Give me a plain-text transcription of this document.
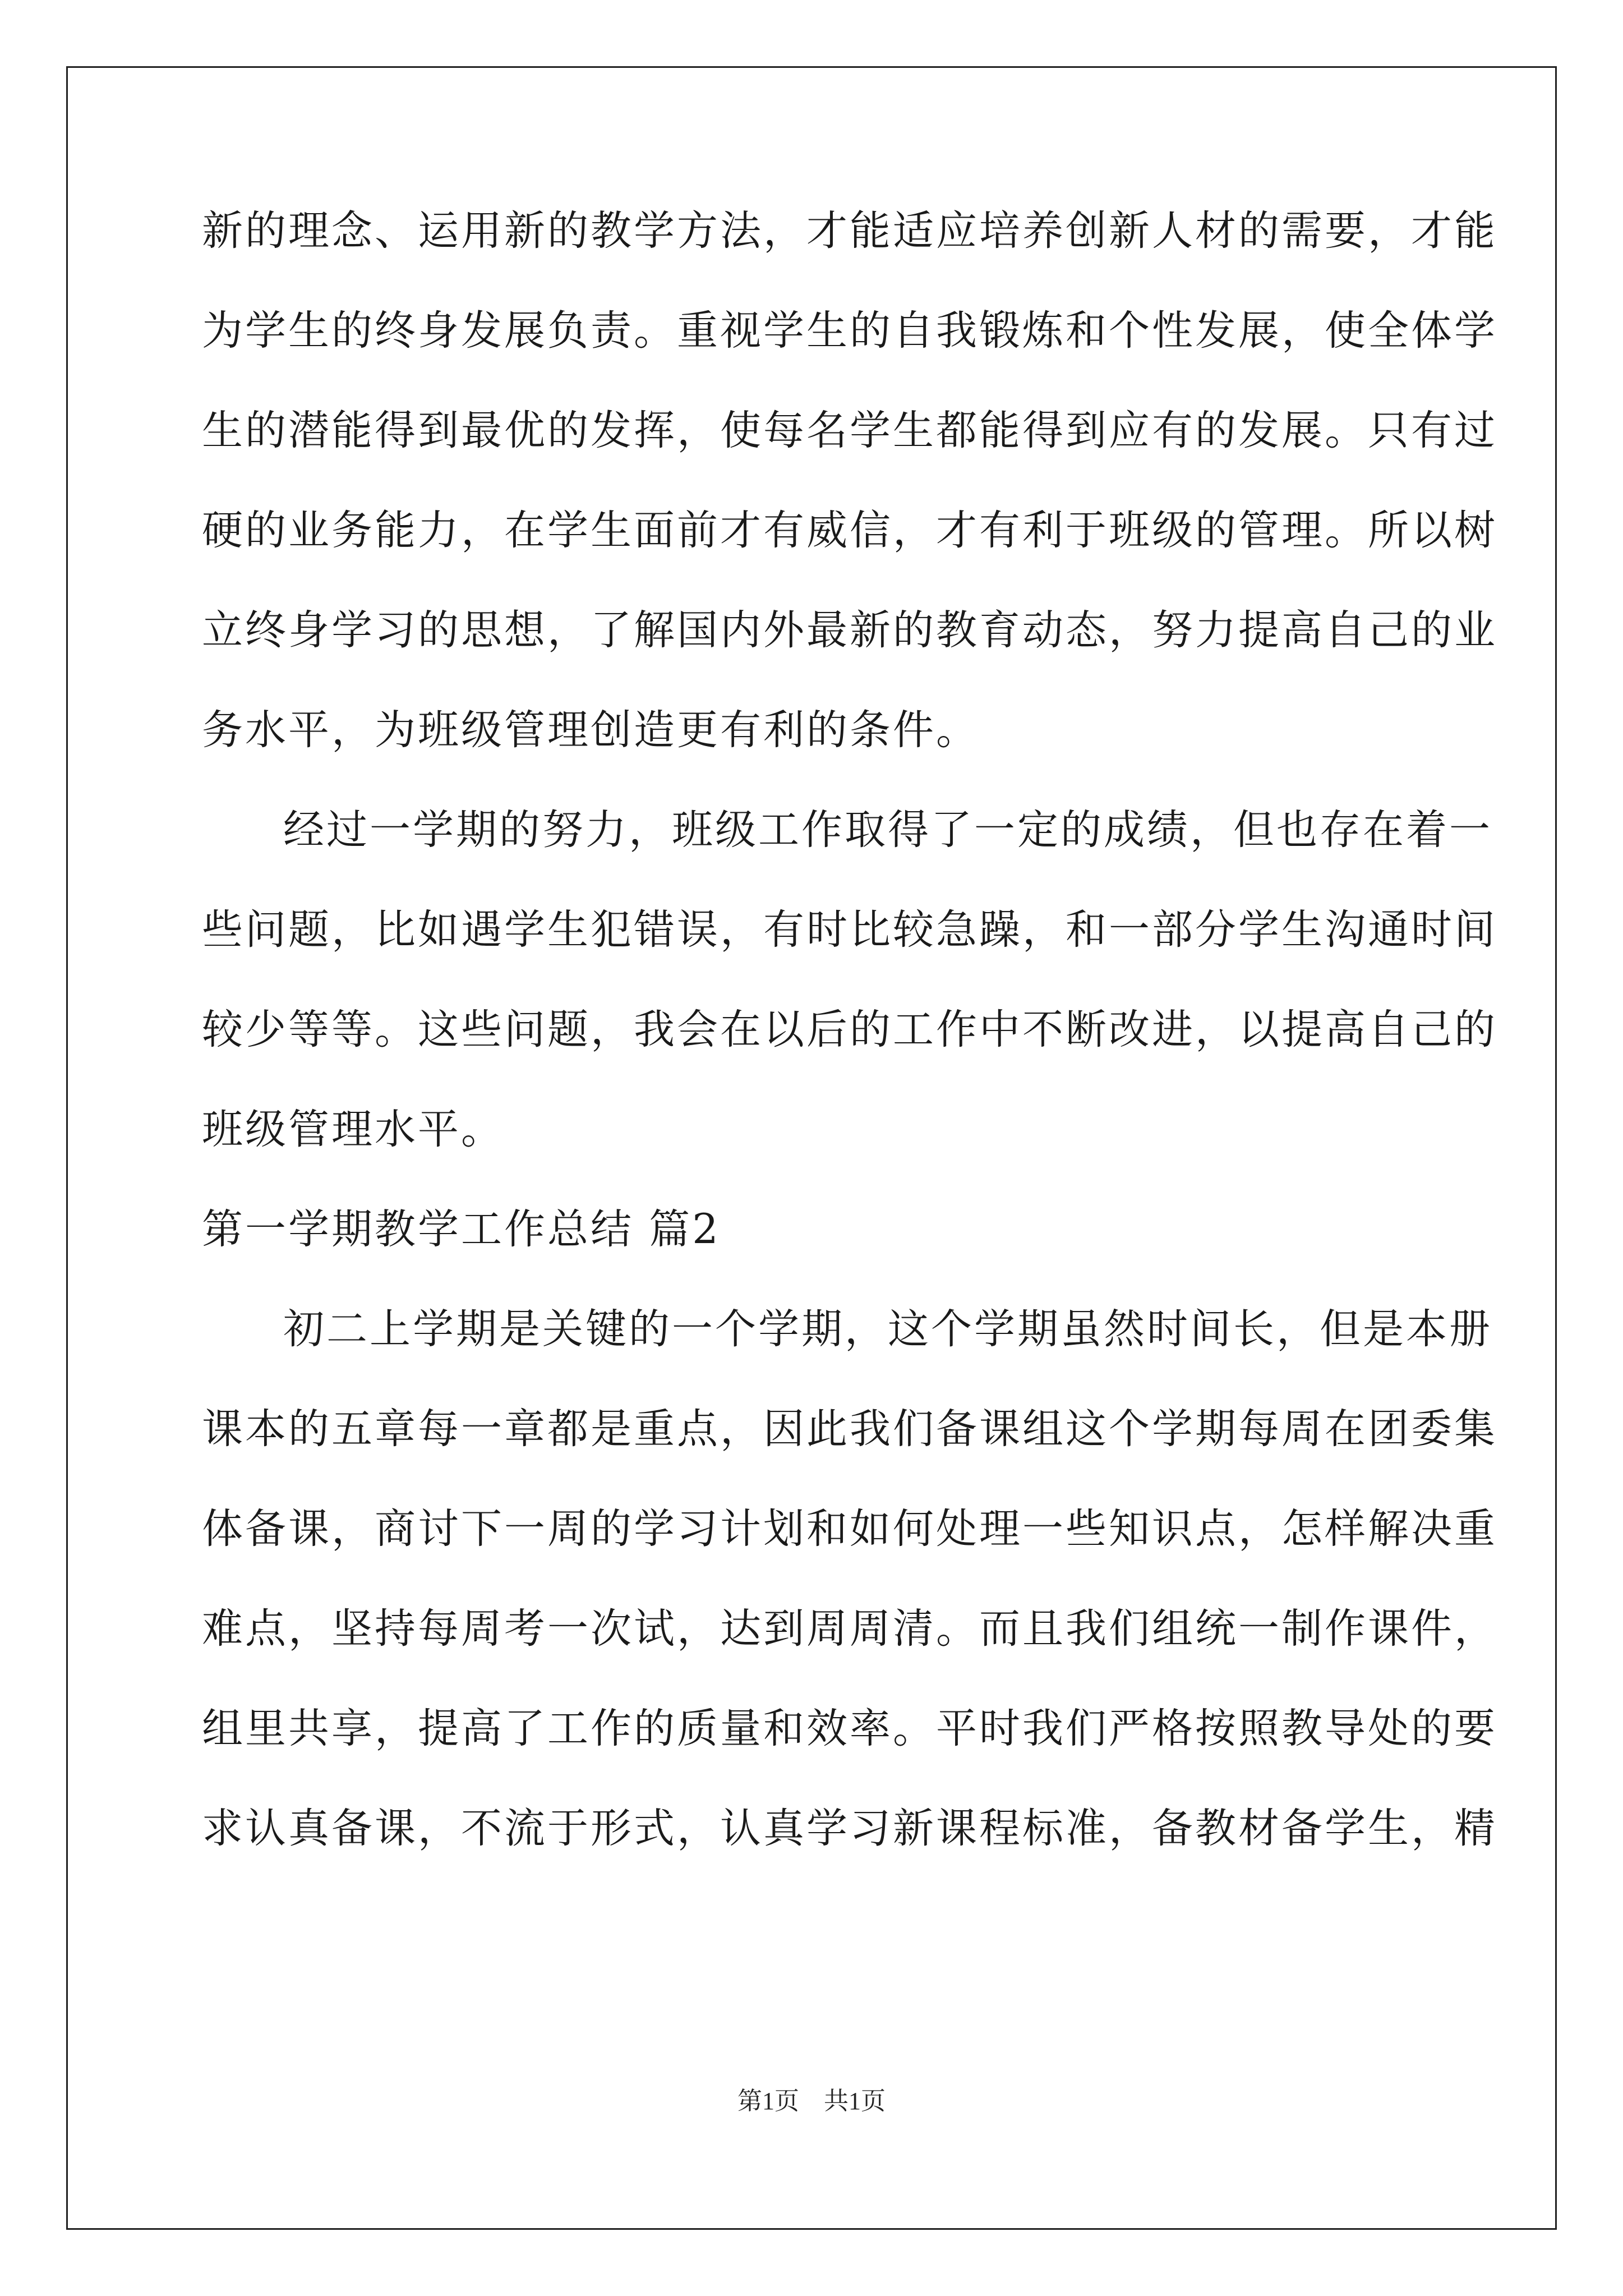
新的理念、运用新的教学方法，才能适应培养创新人材的需要，才能
为学生的终身发展负责。重视学生的自我锻炼和个性发展，使全体学
生的潜能得到最优的发挥，使每名学生都能得到应有的发展。只有过
硬的业务能力，在学生面前才有威信，才有利于班级的管理。所以树
立终身学习的思想，了解国内外最新的教育动态，努力提高自己的业
务水平，为班级管理创造更有利的条件。
经过一学期的努力，班级工作取得了一定的成绩，但也存在着一
些问题，比如遇学生犯错误，有时比较急躁，和一部分学生沟通时间
较少等等。这些问题，我会在以后的工作中不断改进，以提高自己的
班级管理水平。
第一学期教学工作总结 篇2
初二上学期是关键的一个学期，这个学期虽然时间长，但是本册
课本的五章每一章都是重点，因此我们备课组这个学期每周在团委集
体备课，商讨下一周的学习计划和如何处理一些知识点，怎样解决重
难点，坚持每周考一次试，达到周周清。而且我们组统一制作课件，
组里共享，提高了工作的质量和效率。平时我们严格按照教导处的要
求认真备课，不流于形式，认真学习新课程标准，备教材备学生，精
第1页　共1页
